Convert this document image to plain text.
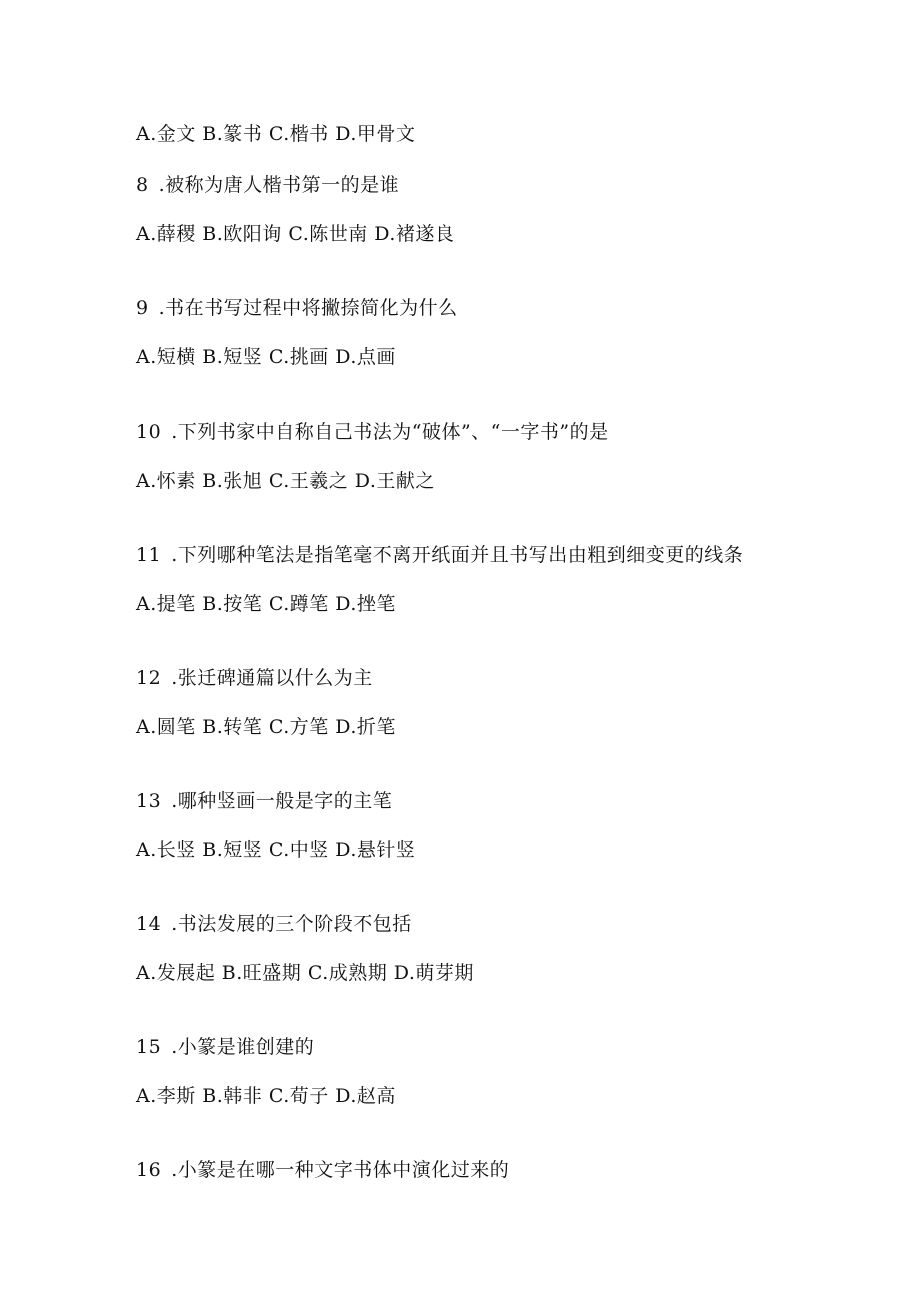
A.金文 B.篆书 C.楷书 D.甲骨文
8 .被称为唐人楷书第一的是谁
A.薛稷 B.欧阳询 C.陈世南 D.褚遂良
9 .书在书写过程中将撇捺简化为什么
A.短横 B.短竖 C.挑画 D.点画
10 .下列书家中自称自己书法为“破体”、“一字书”的是
A.怀素 B.张旭 C.王羲之 D.王献之
11 .下列哪种笔法是指笔毫不离开纸面并且书写出由粗到细变更的线条
A.提笔 B.按笔 C.蹲笔 D.挫笔
12 .张迁碑通篇以什么为主
A.圆笔 B.转笔 C.方笔 D.折笔
13 .哪种竖画一般是字的主笔
A.长竖 B.短竖 C.中竖 D.悬针竖
14 .书法发展的三个阶段不包括
A.发展起 B.旺盛期 C.成熟期 D.萌芽期
15 .小篆是谁创建的
A.李斯 B.韩非 C.荀子 D.赵高
16 .小篆是在哪一种文字书体中演化过来的
